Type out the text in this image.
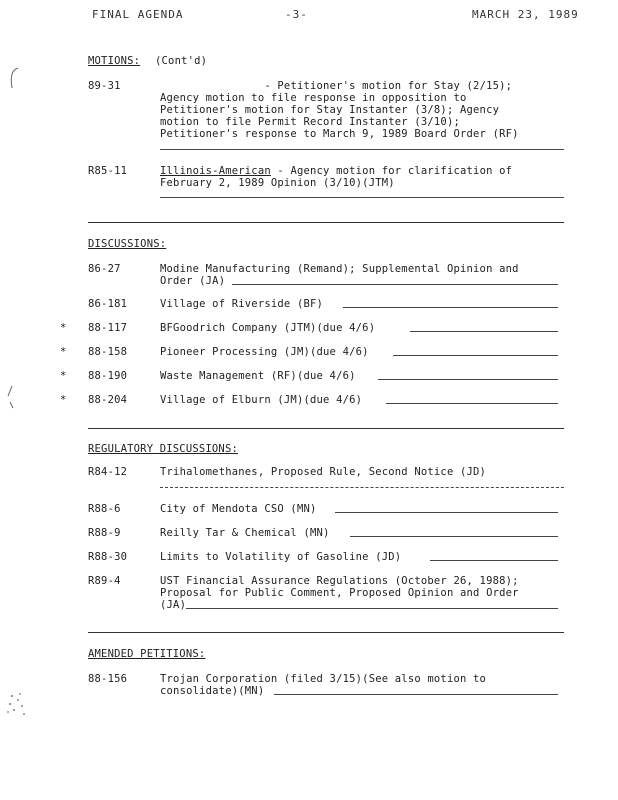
FINAL AGENDA	-3-	MARCH 23, 1989
MOTIONS: (Cont'd)
89-31	- Petitioner's motion for Stay (2/15);
Agency motion to file response in opposition to
Petitioner's motion for Stay Instanter (3/8); Agency
motion to file Permit Record Instanter (3/10);
Petitioner's response to March 9, 1989 Board Order (RF)
R85-11	Illinois-American - Agency motion for clarification of
February 2, 1989 Opinion (3/10)(JTM)
DISCUSSIONS:
86-27	Modine Manufacturing (Remand); Supplemental Opinion and
Order (JA)
86-181	Village of Riverside (BF)
* 88-117	BFGoodrich Company (JTM)(due 4/6)
* 88-158	Pioneer Processing (JM)(due 4/6)
* 88-190	Waste Management (RF)(due 4/6)
* 88-204	Village of Elburn (JM)(due 4/6)
REGULATORY DISCUSSIONS:
R84-12	Trihalomethanes, Proposed Rule, Second Notice (JD)
R88-6	City of Mendota CSO (MN)
R88-9	Reilly Tar & Chemical (MN)
R88-30	Limits to Volatility of Gasoline (JD)
R89-4	UST Financial Assurance Regulations (October 26, 1988);
Proposal for Public Comment, Proposed Opinion and Order
(JA)
AMENDED PETITIONS:
88-156	Trojan Corporation (filed 3/15)(See also motion to
consolidate)(MN)
